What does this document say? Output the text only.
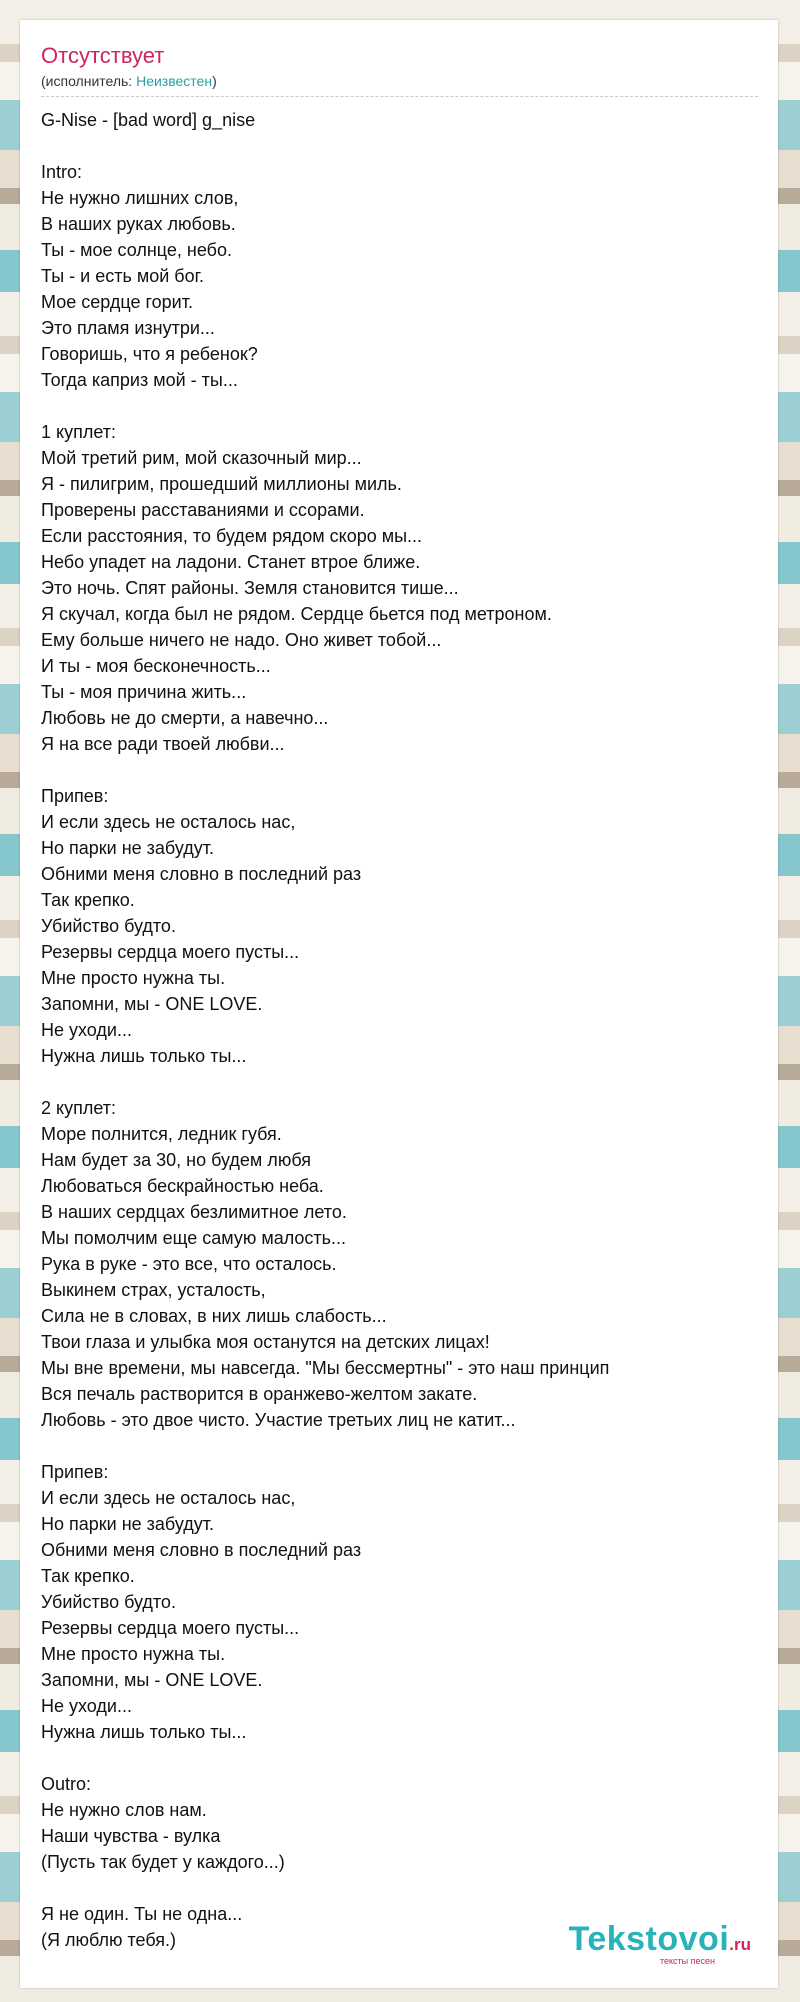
Отсутствует
(исполнитель: Неизвестен)
G-Nise - [bad word] g_nise
Intro:
Не нужно лишних слов,
В наших руках любовь.
Ты - мое солнце, небо.
Ты - и есть мой бог.
Мое сердце горит.
Это пламя изнутри...
Говоришь, что я ребенок?
Тогда каприз мой - ты...
1 куплет:
Мой третий рим, мой сказочный мир...
Я - пилигрим, прошедший миллионы миль.
Проверены расставаниями и ссорами.
Если расстояния, то будем рядом скоро мы...
Небо упадет на ладони. Станет втрое ближе.
Это ночь. Спят районы. Земля становится тише...
Я скучал, когда был не рядом. Сердце бьется под метроном.
Ему больше ничего не надо. Оно живет тобой...
И ты - моя бесконечность...
Ты - моя причина жить...
Любовь не до смерти, а навечно...
Я на все ради твоей любви...
Припев:
И если здесь не осталось нас,
Но парки не забудут.
Обними меня словно в последний раз
Так крепко.
Убийство будто.
Резервы сердца моего пусты...
Мне просто нужна ты.
Запомни, мы - ONE LOVE.
Не уходи...
Нужна лишь только ты...
2 куплет:
Море полнится, ледник губя.
Нам будет за 30, но будем любя
Любоваться бескрайностью неба.
В наших сердцах безлимитное лето.
Мы помолчим еще самую малость...
Рука в руке - это все, что осталось.
Выкинем страх, усталость,
Сила не в словах, в них лишь слабость...
Твои глаза и улыбка моя останутся на детских лицах!
Мы вне времени, мы навсегда. "Мы бессмертны" - это наш принцип
Вся печаль растворится в оранжево-желтом закате.
Любовь - это двое чисто. Участие третьих лиц не катит...
Припев:
И если здесь не осталось нас,
Но парки не забудут.
Обними меня словно в последний раз
Так крепко.
Убийство будто.
Резервы сердца моего пусты...
Мне просто нужна ты.
Запомни, мы - ONE LOVE.
Не уходи...
Нужна лишь только ты...
Outro:
Не нужно слов нам.
Наши чувства - вулка
(Пусть так будет у каждого...)
Я не один. Ты не одна...
(Я люблю тебя.)	Tekstovoi.ru
тексты песен
